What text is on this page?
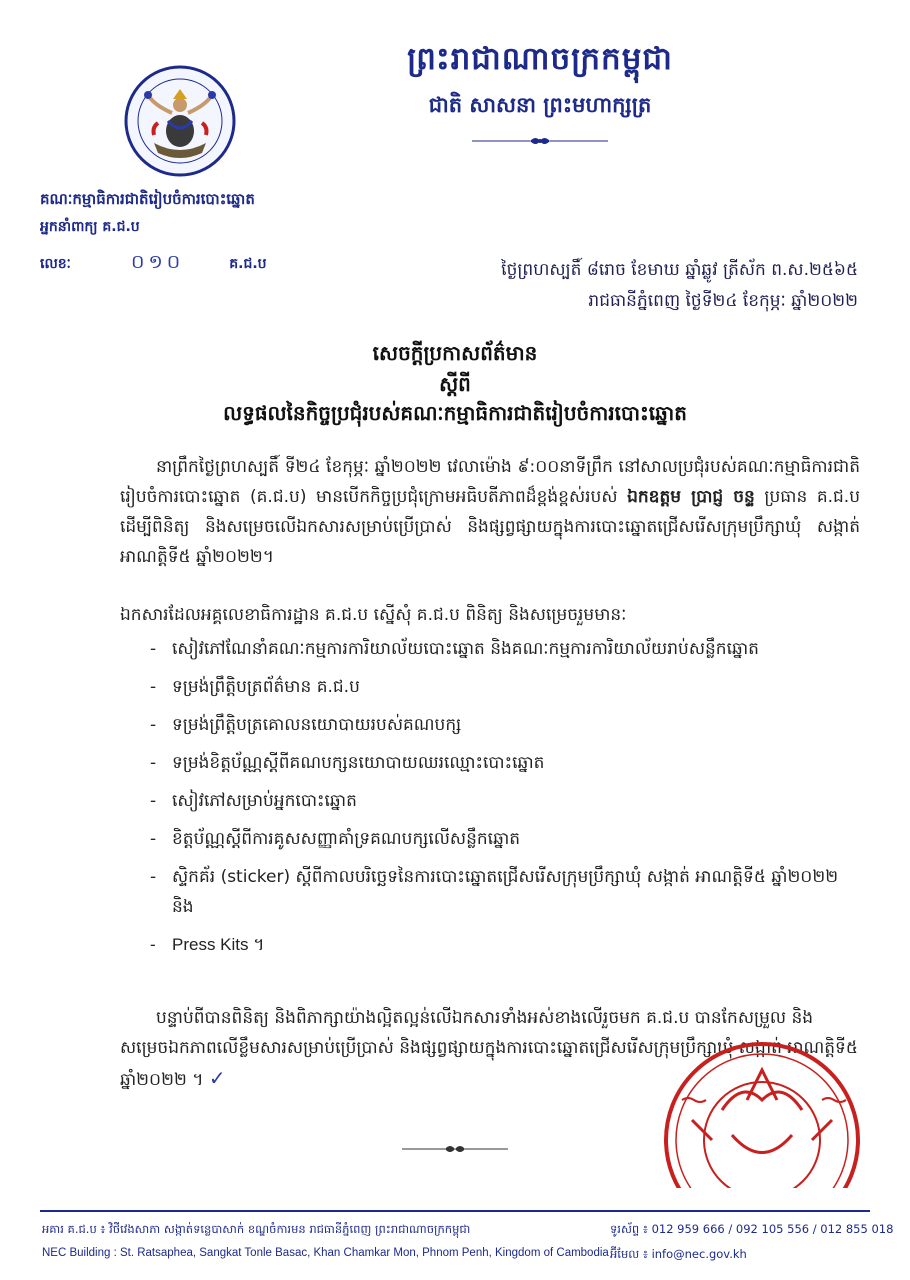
ព្រះរាជាណាចក្រកម្ពុជា
ជាតិ សាសនា ព្រះមហាក្សត្រ
គណៈកម្មាធិការជាតិរៀបចំការបោះឆ្នោត
អ្នកនាំពាក្យ គ.ជ.ប
លេខៈ	០១០	គ.ជ.ប	ថ្ងៃព្រហស្បតិ៍ ៨រោច ខែមាឃ ឆ្នាំឆ្លូវ ត្រីស័ក ព.ស.២៥៦៥
រាជធានីភ្នំពេញ ថ្ងៃទី២៤ ខែកុម្ភៈ ឆ្នាំ២០២២
សេចក្តីប្រកាសព័ត៌មាន
ស្តីពី
លទ្ធផលនៃកិច្ចប្រជុំរបស់គណៈកម្មាធិការជាតិរៀបចំការបោះឆ្នោត
នាព្រឹកថ្ងៃព្រហស្បតិ៍ ទី២៤ ខែកុម្ភៈ ឆ្នាំ២០២២ វេលាម៉ោង ៩:០០នាទីព្រឹក នៅសាលប្រជុំរបស់គណៈកម្មាធិការជាតិរៀបចំការបោះឆ្នោត (គ.ជ.ប) មានបើកកិច្ចប្រជុំក្រោមអធិបតីភាពដ៏ខ្ពង់ខ្ពស់របស់ ឯកឧត្តម ប្រាជ្ញ ចន្ទ ប្រធាន គ.ជ.ប ដើម្បីពិនិត្យ និងសម្រេចលើឯកសារសម្រាប់ប្រើប្រាស់ និងផ្សព្វផ្សាយក្នុងការបោះឆ្នោតជ្រើសរើសក្រុមប្រឹក្សាឃុំ សង្កាត់ អាណត្តិទី៥ ឆ្នាំ២០២២។
ឯកសារដែលអគ្គលេខាធិការដ្ឋាន គ.ជ.ប ស្នើសុំ គ.ជ.ប ពិនិត្យ និងសម្រេចរួមមានៈ
- សៀវភៅណែនាំគណៈកម្មការការិយាល័យបោះឆ្នោត និងគណៈកម្មការការិយាល័យរាប់សន្លឹកឆ្នោត
- ទម្រង់ព្រឹត្តិបត្រព័ត៌មាន គ.ជ.ប
- ទម្រង់ព្រឹត្តិបត្រគោលនយោបាយរបស់គណបក្ស
- ទម្រង់ខិត្តប័ណ្ណស្តីពីគណបក្សនយោបាយឈរឈ្មោះបោះឆ្នោត
- សៀវភៅសម្រាប់អ្នកបោះឆ្នោត
- ខិត្តប័ណ្ណស្តីពីការគូសសញ្ញាគាំទ្រគណបក្សលើសន្លឹកឆ្នោត
- ស្ទិកគ័រ (sticker) ស្តីពីកាលបរិច្ឆេទនៃការបោះឆ្នោតជ្រើសរើសក្រុមប្រឹក្សាឃុំ សង្កាត់ អាណត្តិទី៥ ឆ្នាំ២០២២ និង
- Press Kits ។
បន្ទាប់ពីបានពិនិត្យ និងពិភាក្សាយ៉ាងល្អិតល្អន់លើឯកសារទាំងអស់ខាងលើរួចមក គ.ជ.ប បានកែសម្រួល និងសម្រេចឯកភាពលើខ្លឹមសារសម្រាប់ប្រើប្រាស់ និងផ្សព្វផ្សាយក្នុងការបោះឆ្នោតជ្រើសរើសក្រុមប្រឹក្សាឃុំ សង្កាត់ អាណត្តិទី៥ ឆ្នាំ២០២២ ។ ✓
អគារ គ.ជ.ប ៖ វិថីវេងសាភា សង្កាត់ទន្លេបាសាក់ ខណ្ឌចំការមន រាជធានីភ្នំពេញ ព្រះរាជាណាចក្រកម្ពុជា
NEC Building : St. Ratsaphea, Sangkat Tonle Basac, Khan Chamkar Mon, Phnom Penh, Kingdom of Cambodia
ទូរស័ព្ទ ៖ 012 959 666 / 092 105 556 / 012 855 018
អ៊ីមែល ៖ info@nec.gov.kh
